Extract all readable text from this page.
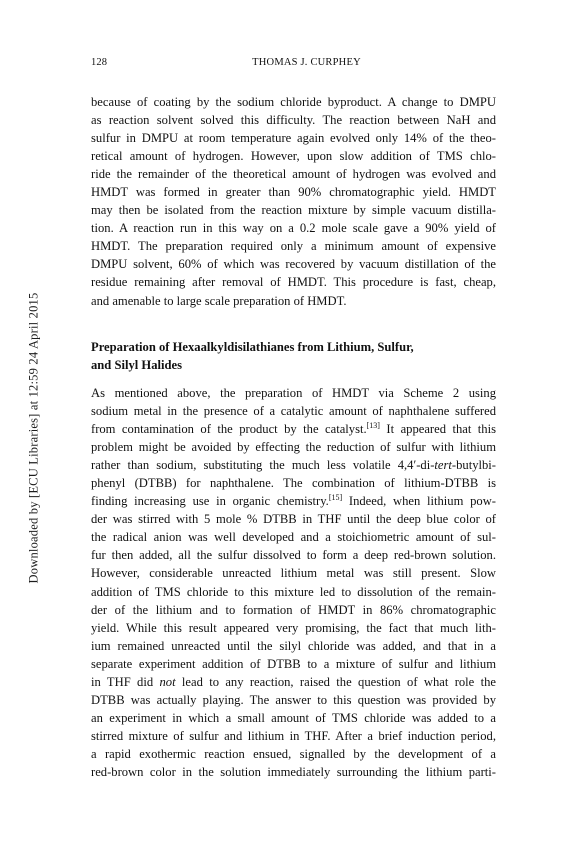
128	THOMAS J. CURPHEY
Downloaded by [ECU Libraries] at 12:59 24 April 2015
because of coating by the sodium chloride byproduct. A change to DMPU
as reaction solvent solved this difficulty. The reaction between NaH and
sulfur in DMPU at room temperature again evolved only 14% of the theo-
retical amount of hydrogen. However, upon slow addition of TMS chlo-
ride the remainder of the theoretical amount of hydrogen was evolved and
HMDT was formed in greater than 90% chromatographic yield. HMDT
may then be isolated from the reaction mixture by simple vacuum distilla-
tion. A reaction run in this way on a 0.2 mole scale gave a 90% yield of
HMDT. The preparation required only a minimum amount of expensive
DMPU solvent, 60% of which was recovered by vacuum distillation of the
residue remaining after removal of HMDT. This procedure is fast, cheap,
and amenable to large scale preparation of HMDT.
Preparation of Hexaalkyldisilathianes from Lithium, Sulfur,
and Silyl Halides
As mentioned above, the preparation of HMDT via Scheme 2 using
sodium metal in the presence of a catalytic amount of naphthalene suffered
from contamination of the product by the catalyst.[13] It appeared that this
problem might be avoided by effecting the reduction of sulfur with lithium
rather than sodium, substituting the much less volatile 4,4′-di-tert-butylbi-
phenyl (DTBB) for naphthalene. The combination of lithium-DTBB is
finding increasing use in organic chemistry.[15] Indeed, when lithium pow-
der was stirred with 5 mole % DTBB in THF until the deep blue color of
the radical anion was well developed and a stoichiometric amount of sul-
fur then added, all the sulfur dissolved to form a deep red-brown solution.
However, considerable unreacted lithium metal was still present. Slow
addition of TMS chloride to this mixture led to dissolution of the remain-
der of the lithium and to formation of HMDT in 86% chromatographic
yield. While this result appeared very promising, the fact that much lith-
ium remained unreacted until the silyl chloride was added, and that in a
separate experiment addition of DTBB to a mixture of sulfur and lithium
in THF did not lead to any reaction, raised the question of what role the
DTBB was actually playing. The answer to this question was provided by
an experiment in which a small amount of TMS chloride was added to a
stirred mixture of sulfur and lithium in THF. After a brief induction period,
a rapid exothermic reaction ensued, signalled by the development of a
red-brown color in the solution immediately surrounding the lithium parti-
